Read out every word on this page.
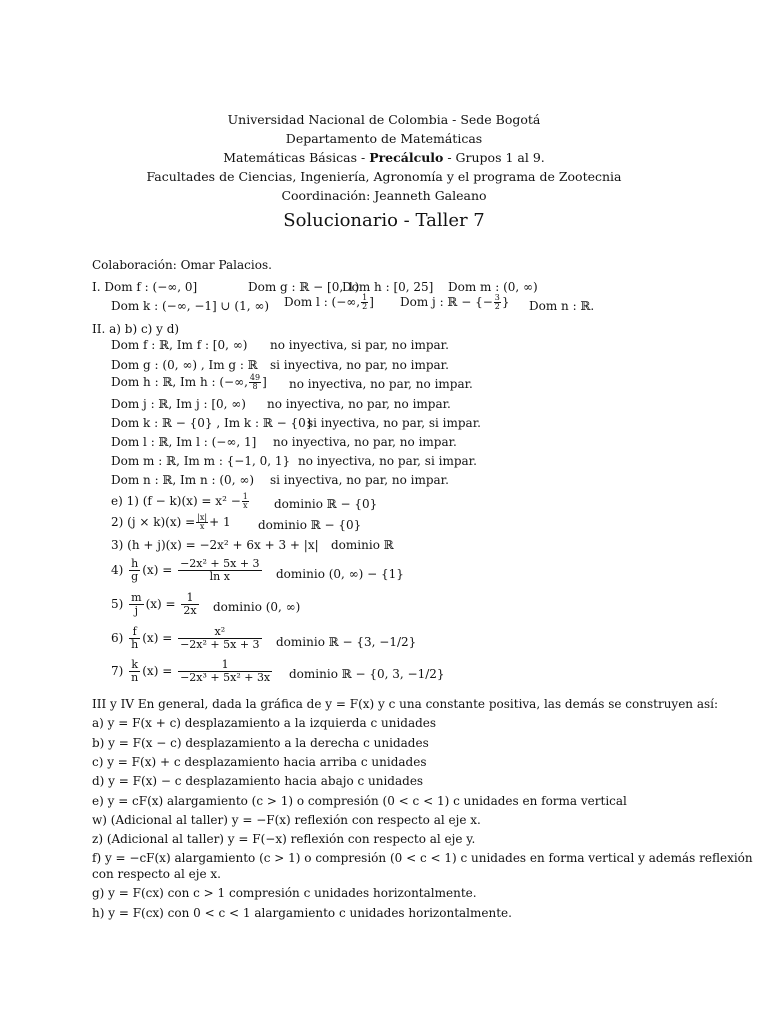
Universidad Nacional de Colombia - Sede Bogotá
Departamento de Matemáticas
Matemáticas Básicas - Precálculo - Grupos 1 al 9.
Facultades de Ciencias, Ingeniería, Agronomía y el programa de Zootecnia
Coordinación: Jeanneth Galeano
Solucionario - Taller 7
Colaboración: Omar Palacios.
I. Dom f : (−∞, 0]	Dom g : ℝ − [0, 1)
Dom h : [0, 25] Dom m : (0, ∞)
Dom k : (−∞, −1] ∪ (1, ∞) Dom l : (−∞, $\frac{1}{2}$ ] Dom j : ℝ − {− $\frac{3}{2}$ } Dom n : ℝ.
II. a) b) c) y d)
Dom f : ℝ, Im f : [0, ∞) no inyectiva, si par, no impar.
Dom g : (0, ∞) , Im g : ℝ si inyectiva, no par, no impar.
Dom h : ℝ, Im h : (−∞, $\frac{49}{8}$ ] no inyectiva, no par, no impar.
Dom j : ℝ, Im j : [0, ∞) no inyectiva, no par, no impar.
Dom k : ℝ − {0} , Im k : ℝ − {0}
si inyectiva, no par, si impar.
Dom l : ℝ, Im l : (−∞, 1] no inyectiva, no par, no impar.
Dom m : ℝ, Im m : {−1, 0, 1} no inyectiva, no par, si impar.
Dom n : ℝ, Im n : (0, ∞) si inyectiva, no par, no impar.
e) 1) $(f - k)(x) = x^2 - \frac{1}{x}$ dominio ℝ − {0}
2) $(j \times k)(x) = \frac{|x|}{x} + 1$ dominio ℝ − {0}
3) (h + j)(x) = −2x² + 6x + 3 + |x| dominio ℝ
$4) \frac{h}{g} (x) = \frac{\text{−2x² + 5x + 3}}{\text{ln x}}$ dominio (0, ∞) − {1}
$5) \frac{m}{j} (x) = \frac{1}{2x}$ dominio (0, ∞)
$6) \frac{f}{h} (x) = \frac{\text{x²}}{\text{−2x² + 5x + 3}}$ dominio ℝ − {3, −1/2}
$7) \frac{k}{n} (x) = \frac{1}{\text{−2x³ + 5x² + 3x}}$ dominio ℝ − {0, 3, −1/2}
III y IV En general, dada la gráfica de y = F(x) y c una constante positiva, las demás se construyen así:
a) y = F(x + c) desplazamiento a la izquierda c unidades
b) y = F(x − c) desplazamiento a la derecha c unidades
c) y = F(x) + c desplazamiento hacia arriba c unidades
d) y = F(x) − c desplazamiento hacia abajo c unidades
e) y = cF(x) alargamiento (c > 1) o compresión (0 < c < 1) c unidades en forma vertical
w) (Adicional al taller) y = −F(x) reflexión con respecto al eje x.
z) (Adicional al taller) y = F(−x) reflexión con respecto al eje y.
f) y = −cF(x) alargamiento (c > 1) o compresión (0 < c < 1) c unidades en forma vertical y además reflexión con respecto al eje x.
g) y = F(cx) con c > 1 compresión c unidades horizontalmente.
h) y = F(cx) con 0 < c < 1 alargamiento c unidades horizontalmente.
